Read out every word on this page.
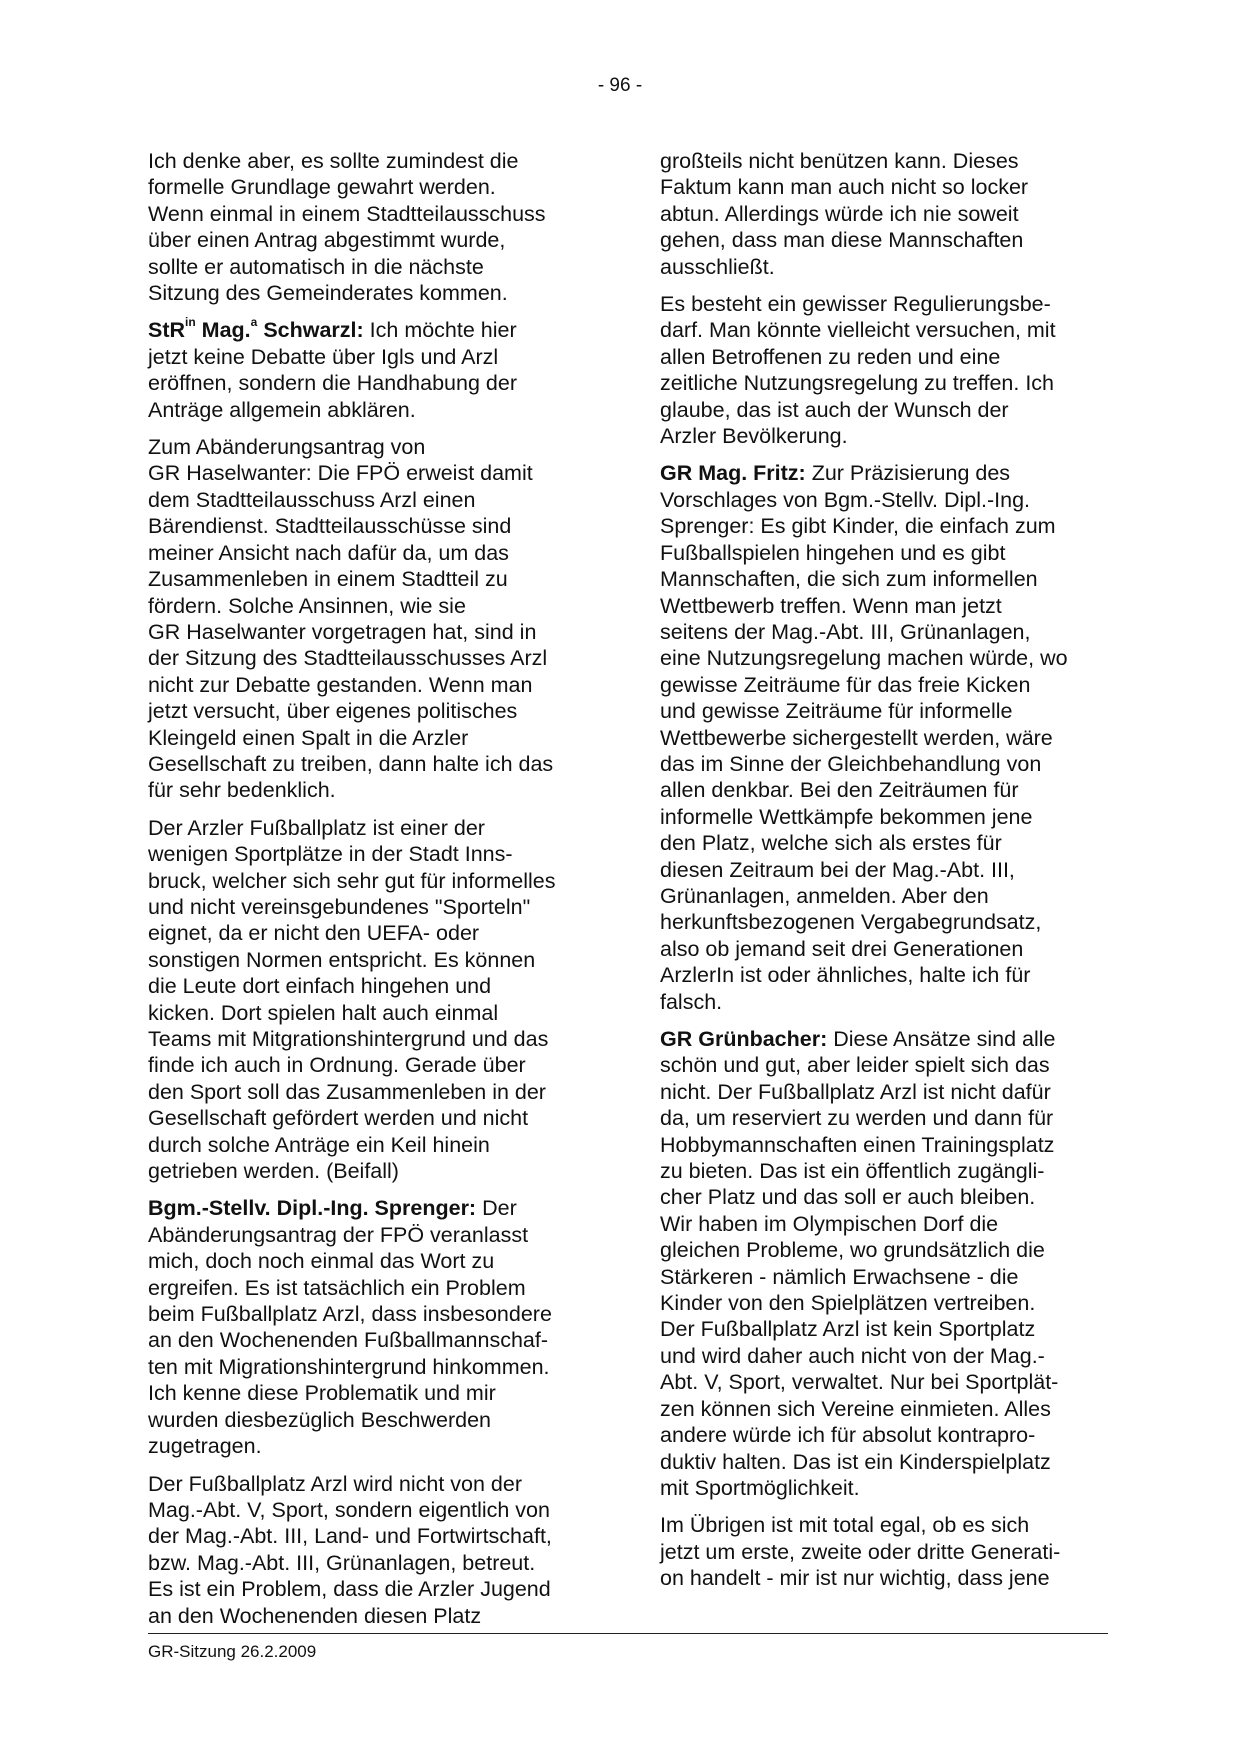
- 96 -
Ich denke aber, es sollte zumindest die
formelle Grundlage gewahrt werden.
Wenn einmal in einem Stadtteilausschuss
über einen Antrag abgestimmt wurde,
sollte er automatisch in die nächste
Sitzung des Gemeinderates kommen.
StR$^{in}$ Mag.$^a$ Schwarzl: Ich möchte hier
jetzt keine Debatte über Igls und Arzl
eröffnen, sondern die Handhabung der
Anträge allgemein abklären.
Zum Abänderungsantrag von
GR Haselwanter: Die FPÖ erweist damit
dem Stadtteilausschuss Arzl einen
Bärendienst. Stadtteilausschüsse sind
meiner Ansicht nach dafür da, um das
Zusammenleben in einem Stadtteil zu
fördern. Solche Ansinnen, wie sie
GR Haselwanter vorgetragen hat, sind in
der Sitzung des Stadtteilausschusses Arzl
nicht zur Debatte gestanden. Wenn man
jetzt versucht, über eigenes politisches
Kleingeld einen Spalt in die Arzler
Gesellschaft zu treiben, dann halte ich das
für sehr bedenklich.
Der Arzler Fußballplatz ist einer der
wenigen Sportplätze in der Stadt Inns-
bruck, welcher sich sehr gut für informelles
und nicht vereinsgebundenes "Sporteln"
eignet, da er nicht den UEFA- oder
sonstigen Normen entspricht. Es können
die Leute dort einfach hingehen und
kicken. Dort spielen halt auch einmal
Teams mit Mitgrationshintergrund und das
finde ich auch in Ordnung. Gerade über
den Sport soll das Zusammenleben in der
Gesellschaft gefördert werden und nicht
durch solche Anträge ein Keil hinein
getrieben werden. (Beifall)
Bgm.-Stellv. Dipl.-Ing. Sprenger: Der
Abänderungsantrag der FPÖ veranlasst
mich, doch noch einmal das Wort zu
ergreifen. Es ist tatsächlich ein Problem
beim Fußballplatz Arzl, dass insbesondere
an den Wochenenden Fußballmannschaf-
ten mit Migrationshintergrund hinkommen.
Ich kenne diese Problematik und mir
wurden diesbezüglich Beschwerden
zugetragen.
Der Fußballplatz Arzl wird nicht von der
Mag.-Abt. V, Sport, sondern eigentlich von
der Mag.-Abt. III, Land- und Fortwirtschaft,
bzw. Mag.-Abt. III, Grünanlagen, betreut.
Es ist ein Problem, dass die Arzler Jugend
an den Wochenenden diesen Platz
großteils nicht benützen kann. Dieses
Faktum kann man auch nicht so locker
abtun. Allerdings würde ich nie soweit
gehen, dass man diese Mannschaften
ausschließt.
Es besteht ein gewisser Regulierungsbe-
darf. Man könnte vielleicht versuchen, mit
allen Betroffenen zu reden und eine
zeitliche Nutzungsregelung zu treffen. Ich
glaube, das ist auch der Wunsch der
Arzler Bevölkerung.
GR Mag. Fritz: Zur Präzisierung des
Vorschlages von Bgm.-Stellv. Dipl.-Ing.
Sprenger: Es gibt Kinder, die einfach zum
Fußballspielen hingehen und es gibt
Mannschaften, die sich zum informellen
Wettbewerb treffen. Wenn man jetzt
seitens der Mag.-Abt. III, Grünanlagen,
eine Nutzungsregelung machen würde, wo
gewisse Zeiträume für das freie Kicken
und gewisse Zeiträume für informelle
Wettbewerbe sichergestellt werden, wäre
das im Sinne der Gleichbehandlung von
allen denkbar. Bei den Zeiträumen für
informelle Wettkämpfe bekommen jene
den Platz, welche sich als erstes für
diesen Zeitraum bei der Mag.-Abt. III,
Grünanlagen, anmelden. Aber den
herkunftsbezogenen Vergabegrundsatz,
also ob jemand seit drei Generationen
ArzlerIn ist oder ähnliches, halte ich für
falsch.
GR Grünbacher: Diese Ansätze sind alle
schön und gut, aber leider spielt sich das
nicht. Der Fußballplatz Arzl ist nicht dafür
da, um reserviert zu werden und dann für
Hobbymannschaften einen Trainingsplatz
zu bieten. Das ist ein öffentlich zugängli-
cher Platz und das soll er auch bleiben.
Wir haben im Olympischen Dorf die
gleichen Probleme, wo grundsätzlich die
Stärkeren - nämlich Erwachsene - die
Kinder von den Spielplätzen vertreiben.
Der Fußballplatz Arzl ist kein Sportplatz
und wird daher auch nicht von der Mag.-
Abt. V, Sport, verwaltet. Nur bei Sportplät-
zen können sich Vereine einmieten. Alles
andere würde ich für absolut kontrapro-
duktiv halten. Das ist ein Kinderspielplatz
mit Sportmöglichkeit.
Im Übrigen ist mit total egal, ob es sich
jetzt um erste, zweite oder dritte Generati-
on handelt - mir ist nur wichtig, dass jene
GR-Sitzung 26.2.2009
